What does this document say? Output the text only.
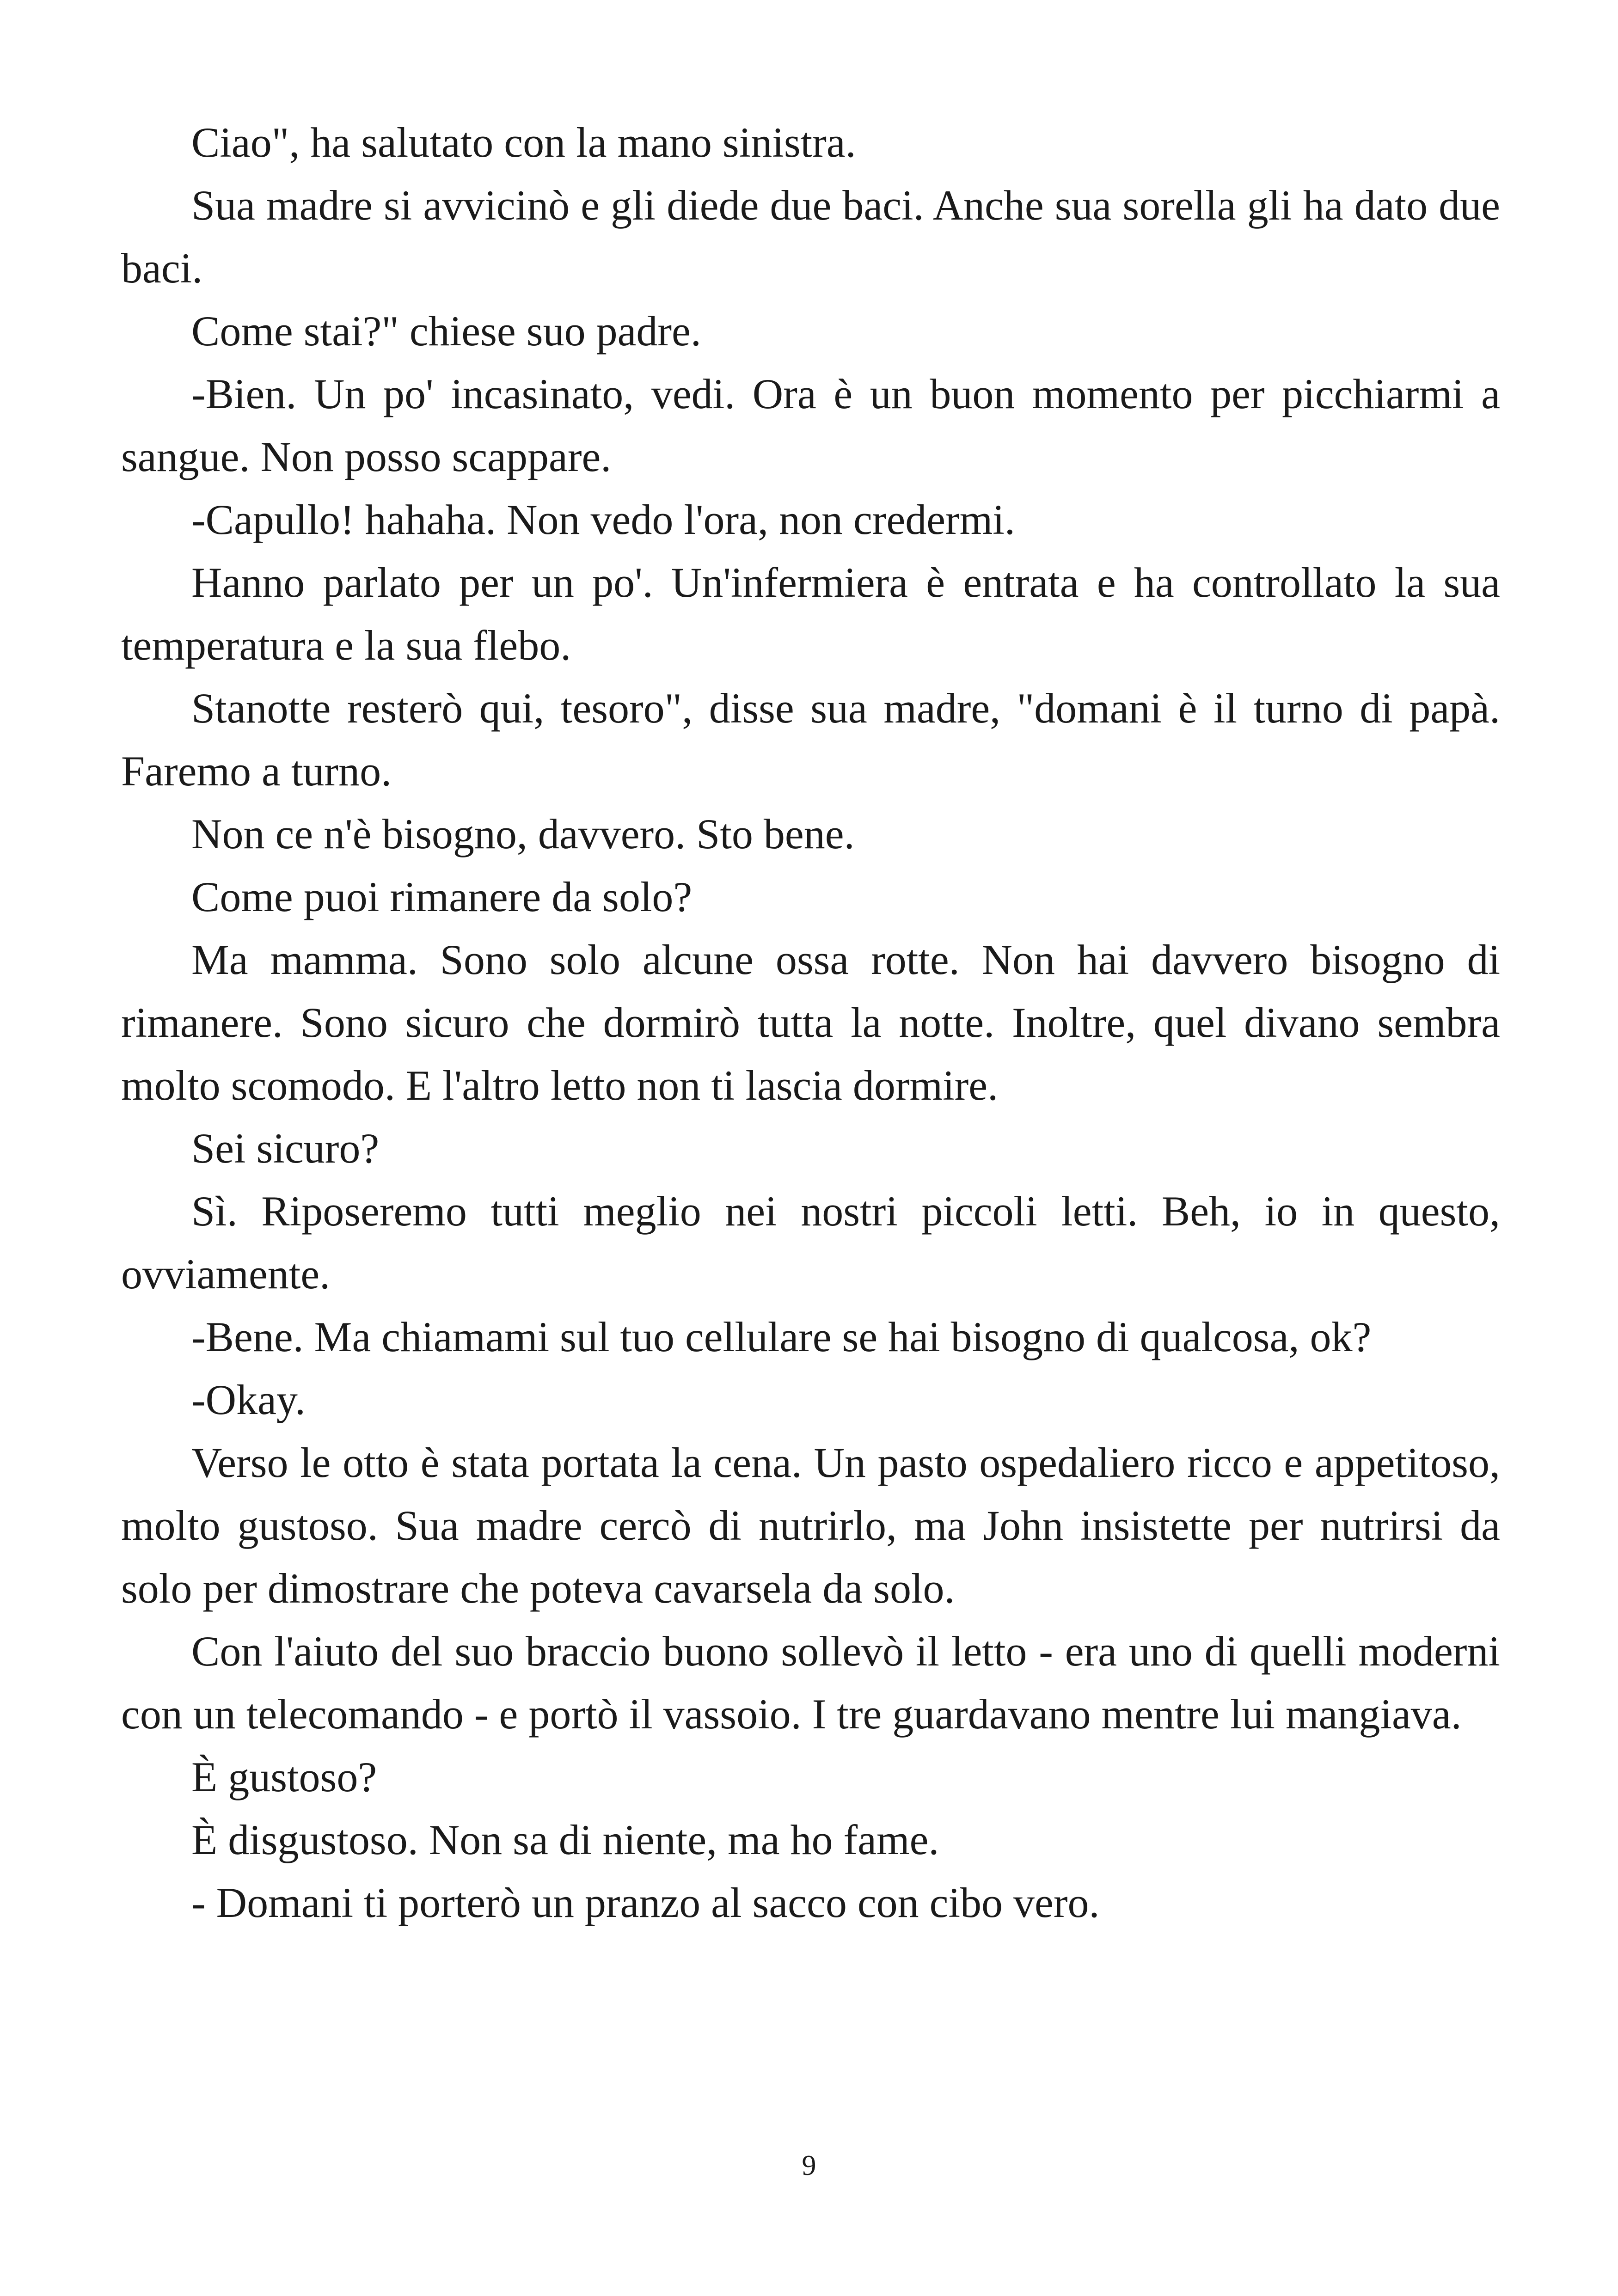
Ciao", ha salutato con la mano sinistra.

Sua madre si avvicinò e gli diede due baci. Anche sua sorella gli ha dato due baci.

Come stai?" chiese suo padre.

-Bien. Un po' incasinato, vedi. Ora è un buon momento per picchiarmi a sangue. Non posso scappare.

-Capullo! hahaha. Non vedo l'ora, non credermi.

Hanno parlato per un po'. Un'infermiera è entrata e ha controllato la sua temperatura e la sua flebo.

Stanotte resterò qui, tesoro", disse sua madre, "domani è il turno di papà. Faremo a turno.

Non ce n'è bisogno, davvero. Sto bene.

Come puoi rimanere da solo?

Ma mamma. Sono solo alcune ossa rotte. Non hai davvero bisogno di rimanere. Sono sicuro che dormirò tutta la notte. Inoltre, quel divano sembra molto scomodo. E l'altro letto non ti lascia dormire.

Sei sicuro?

Sì. Riposeremo tutti meglio nei nostri piccoli letti. Beh, io in questo, ovviamente.

-Bene. Ma chiamami sul tuo cellulare se hai bisogno di qualcosa, ok?

-Okay.

Verso le otto è stata portata la cena. Un pasto ospedaliero ricco e appetitoso, molto gustoso. Sua madre cercò di nutrirlo, ma John insistette per nutrirsi da solo per dimostrare che poteva cavarsela da solo.

Con l'aiuto del suo braccio buono sollevò il letto - era uno di quelli moderni con un telecomando - e portò il vassoio. I tre guardavano mentre lui mangiava.

È gustoso?

È disgustoso. Non sa di niente, ma ho fame.

- Domani ti porterò un pranzo al sacco con cibo vero.

9
